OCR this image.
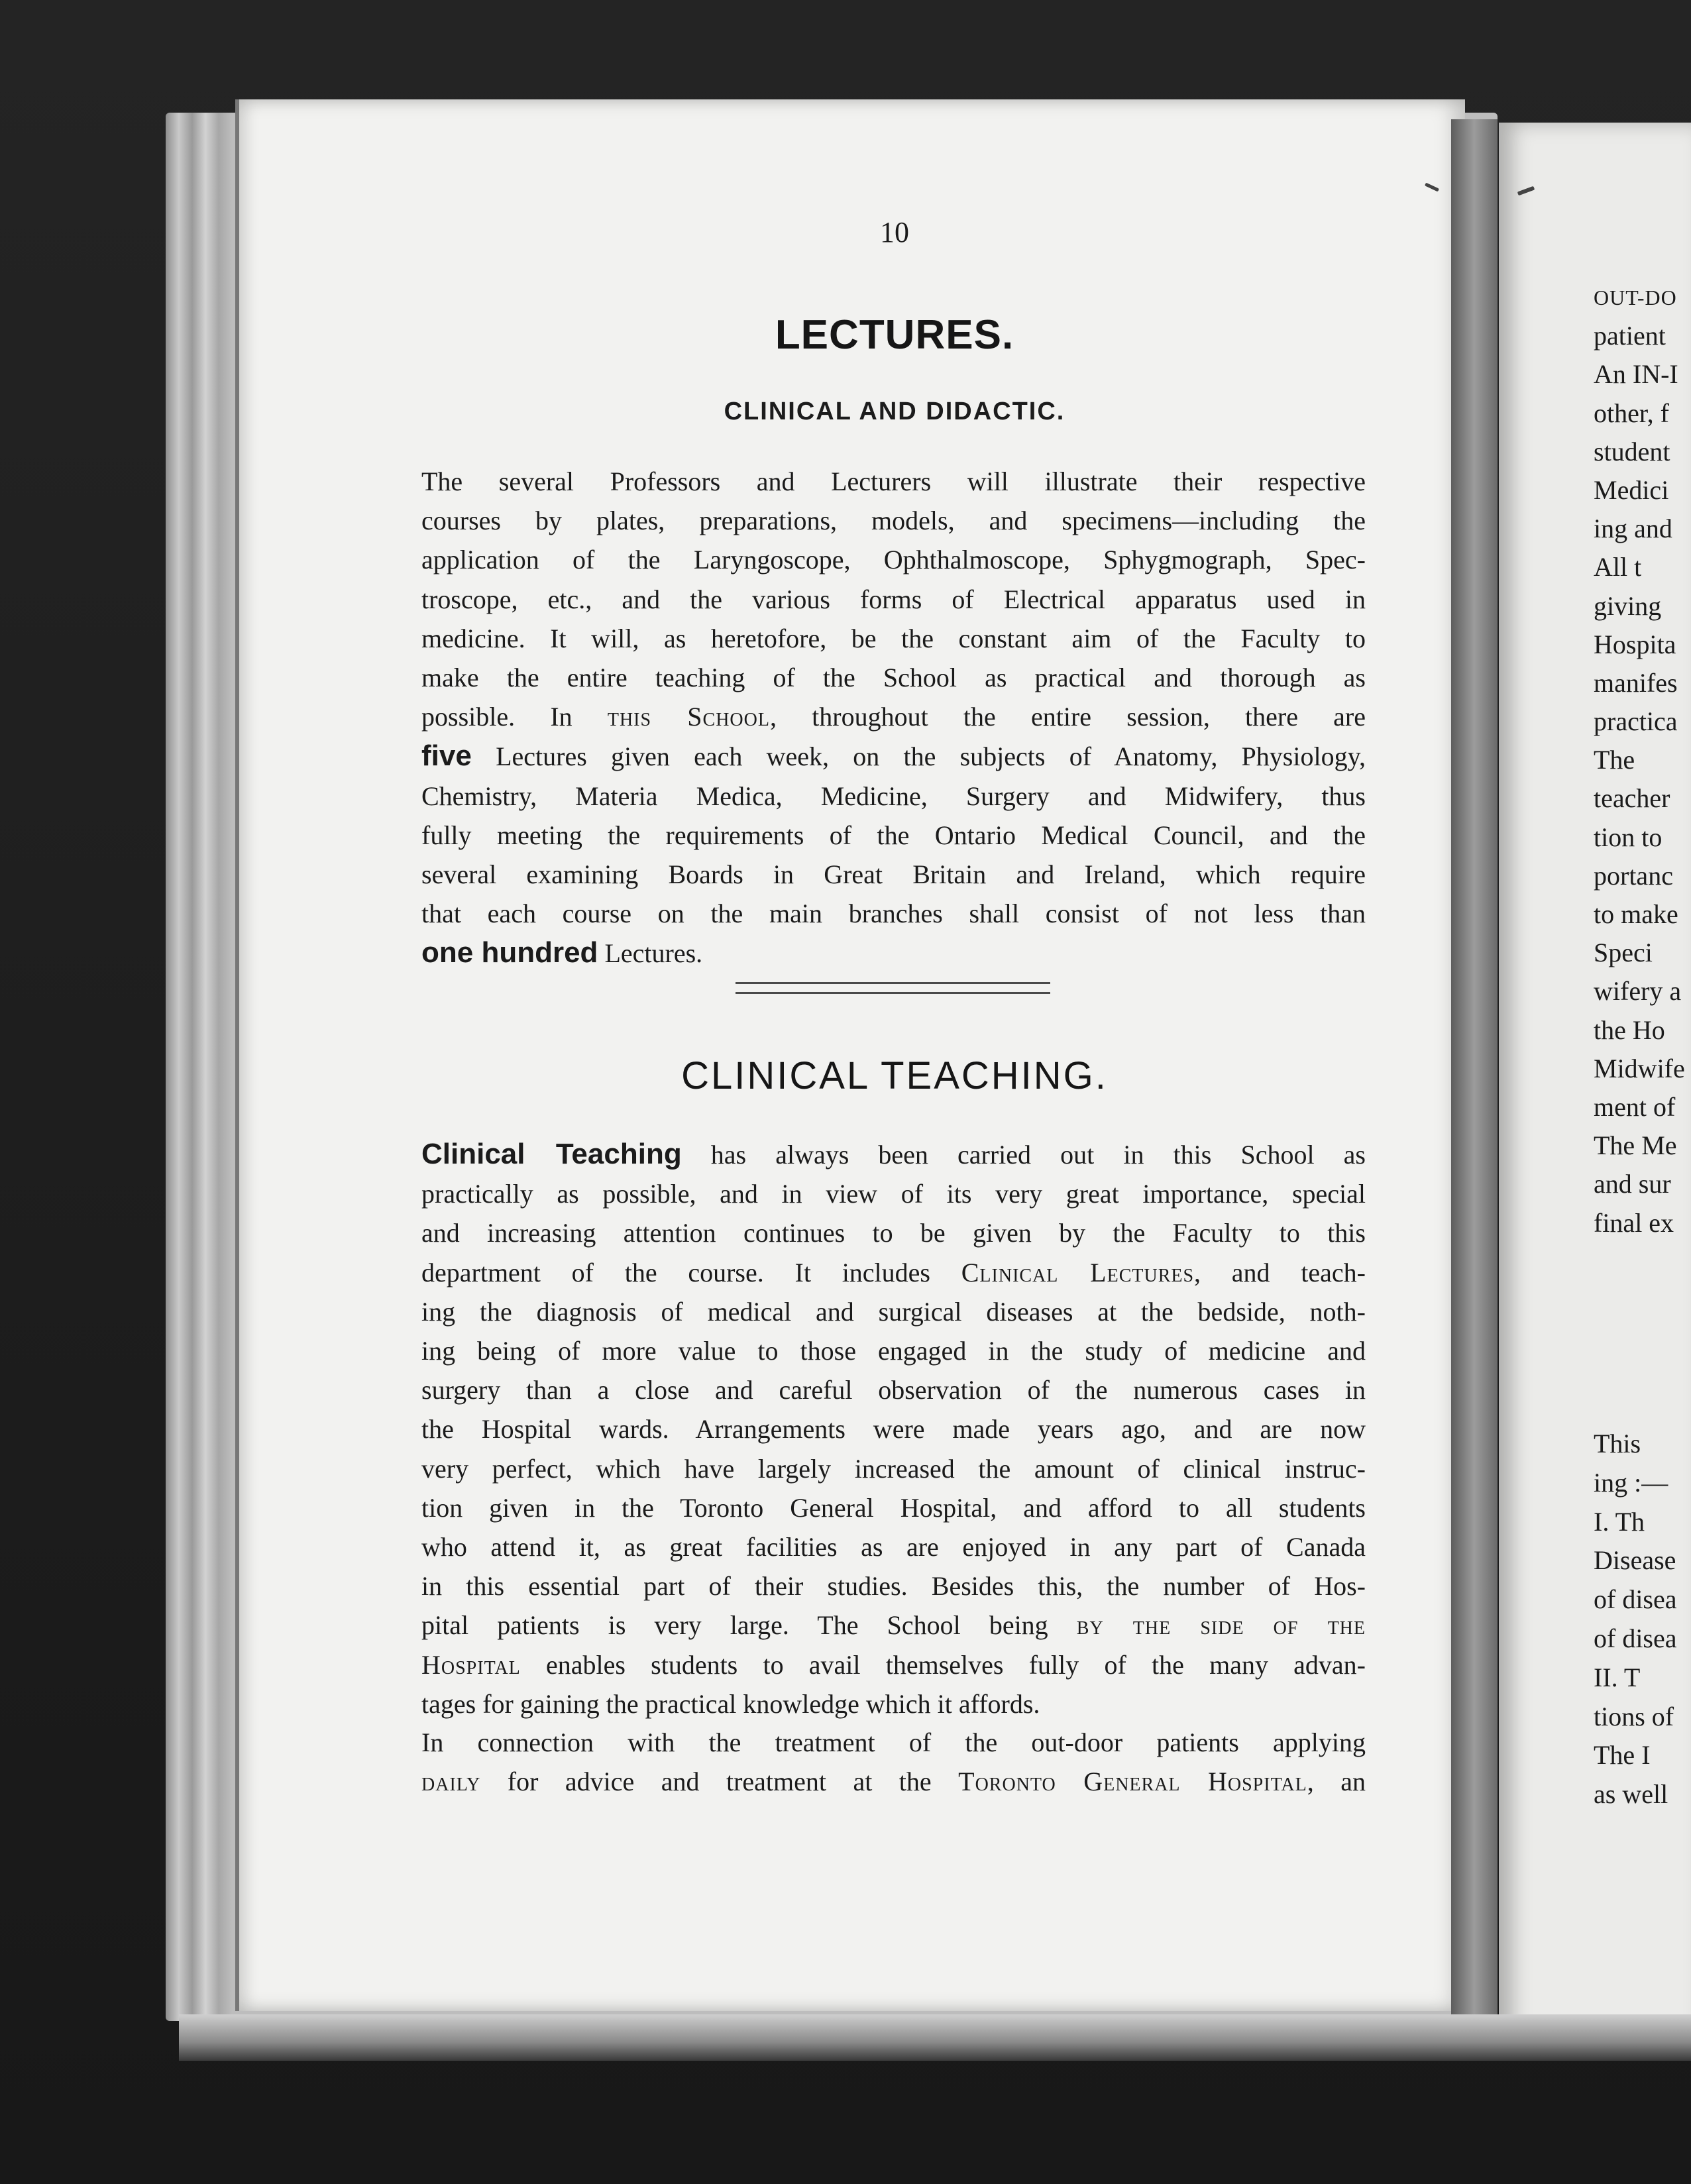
10
LECTURES.
CLINICAL AND DIDACTIC.
The several Professors and Lecturers will illustrate their respective
courses by plates, preparations, models, and specimens—including the
application of the Laryngoscope, Ophthalmoscope, Sphygmograph, Spec-
troscope, etc., and the various forms of Electrical apparatus used in
medicine. It will, as heretofore, be the constant aim of the Faculty to
make the entire teaching of the School as practical and thorough as
possible. In this School, throughout the entire session, there are
five Lectures given each week, on the subjects of Anatomy, Physiology,
Chemistry, Materia Medica, Medicine, Surgery and Midwifery, thus
fully meeting the requirements of the Ontario Medical Council, and the
several examining Boards in Great Britain and Ireland, which require
that each course on the main branches shall consist of not less than
one hundred Lectures.
CLINICAL TEACHING.
Clinical Teaching has always been carried out in this School as
practically as possible, and in view of its very great importance, special
and increasing attention continues to be given by the Faculty to this
department of the course. It includes Clinical Lectures, and teach-
ing the diagnosis of medical and surgical diseases at the bedside, noth-
ing being of more value to those engaged in the study of medicine and
surgery than a close and careful observation of the numerous cases in
the Hospital wards. Arrangements were made years ago, and are now
very perfect, which have largely increased the amount of clinical instruc-
tion given in the Toronto General Hospital, and afford to all students
who attend it, as great facilities as are enjoyed in any part of Canada
in this essential part of their studies. Besides this, the number of Hos-
pital patients is very large. The School being by the side of the
Hospital enables students to avail themselves fully of the many advan-
tages for gaining the practical knowledge which it affords.
In connection with the treatment of the out-door patients applying
daily for advice and treatment at the Toronto General Hospital, an
OUT-DO
patient
An IN-I
other, f
student
Medici
ing and
All t
giving
Hospita
manifes
practica
The
teacher
tion to
portanc
to make
Speci
wifery a
the Ho
Midwife
ment of
The Me
and sur
final ex
This
ing :—
I. Th
Disease
of disea
of disea
II. T
tions of
The I
as well
